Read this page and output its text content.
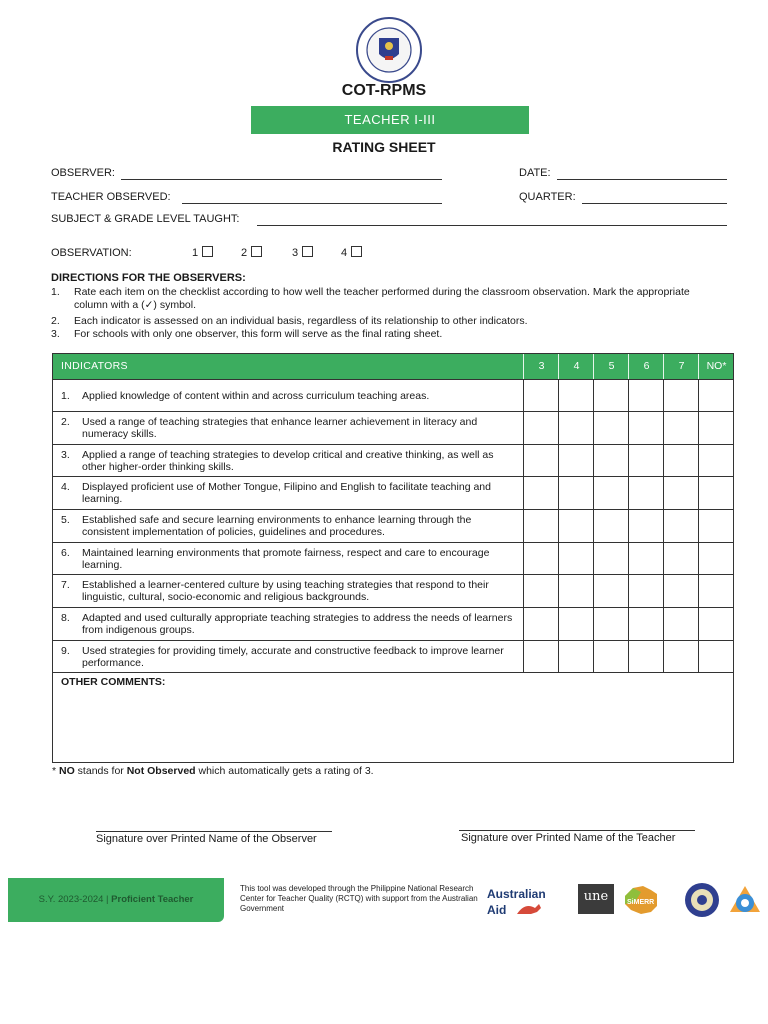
COT-RPMS
TEACHER I-III
RATING SHEET
OBSERVER:	DATE:
TEACHER OBSERVED:	QUARTER:
SUBJECT & GRADE LEVEL TAUGHT:
OBSERVATION:	1	2	3	4
DIRECTIONS FOR THE OBSERVERS:
1. Rate each item on the checklist according to how well the teacher performed during the classroom observation. Mark the appropriate column with a (✓) symbol.
2. Each indicator is assessed on an individual basis, regardless of its relationship to other indicators.
3. For schools with only one observer, this form will serve as the final rating sheet.
INDICATORS	3	4	5	6	7	NO*
1. Applied knowledge of content within and across curriculum teaching areas.
2. Used a range of teaching strategies that enhance learner achievement in literacy and numeracy skills.
3. Applied a range of teaching strategies to develop critical and creative thinking, as well as other higher-order thinking skills.
4. Displayed proficient use of Mother Tongue, Filipino and English to facilitate teaching and learning.
5. Established safe and secure learning environments to enhance learning through the consistent implementation of policies, guidelines and procedures.
6. Maintained learning environments that promote fairness, respect and care to encourage learning.
7. Established a learner-centered culture by using teaching strategies that respond to their linguistic, cultural, socio-economic and religious backgrounds.
8. Adapted and used culturally appropriate teaching strategies to address the needs of learners from indigenous groups.
9. Used strategies for providing timely, accurate and constructive feedback to improve learner performance.
OTHER COMMENTS:
* NO stands for Not Observed which automatically gets a rating of 3.
Signature over Printed Name of the Observer	Signature over Printed Name of the Teacher
S.Y. 2023-2024 | Proficient Teacher
This tool was developed through the Philippine National Research Center for Teacher Quality (RCTQ) with support from the Australian Government
Australian
Aid
une	SiMERR
